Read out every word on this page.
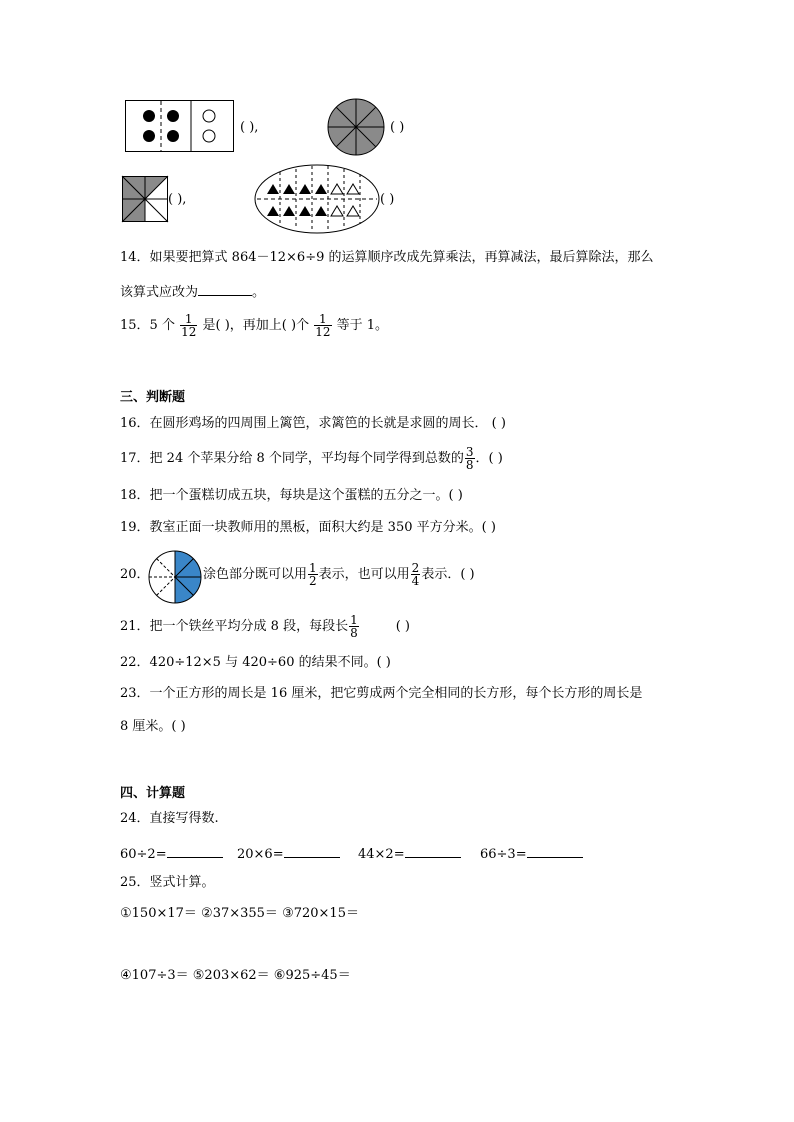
( ),	( )
( ),	( )
14．如果要把算式 864－12×6÷9 的运算顺序改成先算乘法，再算减法，最后算除法，那么
该算式应改为	。
15．5 个 $\frac{1}{12}$ 是( )，再加上( )个 $\frac{1}{12}$ 等于 1。
三、判断题
16．在圆形鸡场的四周围上篱笆，求篱笆的长就是求圆的周长． ( )
17．把 24 个苹果分给 8 个同学，平均每个同学得到总数的 $\frac{3}{8}$ ．( )
18．把一个蛋糕切成五块，每块是这个蛋糕的五分之一。( )
19．教室正面一块教师用的黑板，面积大约是 350 平方分米。( )
20．	涂色部分既可以用 $\frac{1}{2}$ 表示，也可以用 $\frac{2}{4}$ 表示．( )
21．把一个铁丝平均分成 8 段，每段长 $\frac{1}{8}$	( )
22．420÷12×5 与 420÷60 的结果不同。( )
23．一个正方形的周长是 16 厘米，把它剪成两个完全相同的长方形，每个长方形的周长是
8 厘米。( )
四、计算题
24．直接写得数.
60÷2=	20×6=	44×2=	66÷3=
25．竖式计算。
①150×17＝ ②37×355＝ ③720×15＝
④107÷3＝ ⑤203×62＝ ⑥925÷45＝
